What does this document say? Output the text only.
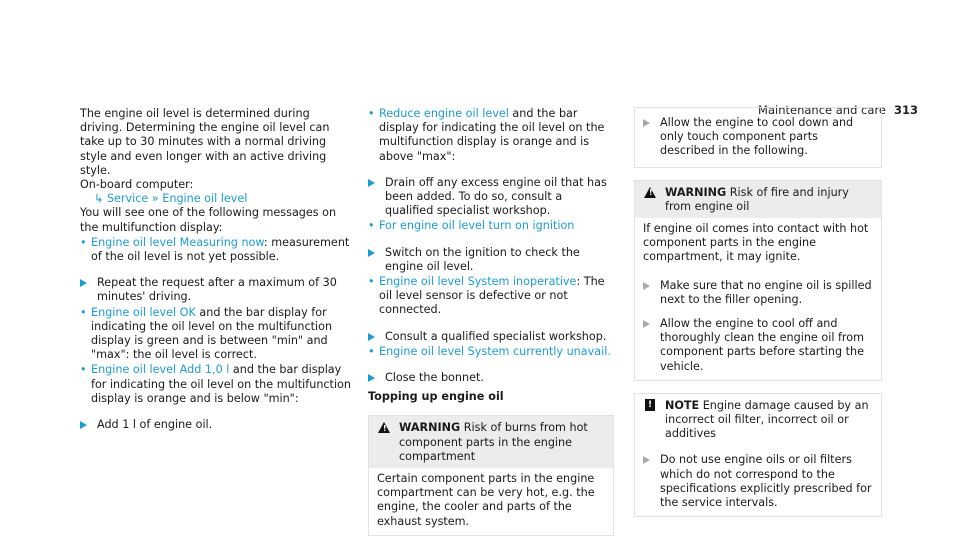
Maintenance and care 313

The engine oil level is determined during driving. Determining the engine oil level can take up to 30 minutes with a normal driving style and even longer with an active driving style.

On-board computer:

↳ Service » Engine oil level

You will see one of the following messages on the multifunction display:

• Engine oil level Measuring now: measurement of the oil level is not yet possible.
Repeat the request after a maximum of 30 minutes' driving.
• Engine oil level OK and the bar display for indicating the oil level on the multifunction display is green and is between "min" and "max": the oil level is correct.
• Engine oil level Add 1,0 l and the bar display for indicating the oil level on the multifunction display is orange and is below "min":
Add 1 l of engine oil.
• Reduce engine oil level and the bar display for indicating the oil level on the multifunction display is orange and is above "max":
Drain off any excess engine oil that has been added. To do so, consult a qualified specialist workshop.
• For engine oil level turn on ignition
Switch on the ignition to check the engine oil level.
• Engine oil level System inoperative: The oil level sensor is defective or not connected.
Consult a qualified specialist workshop.
• Engine oil level System currently unavail.
Close the bonnet.

Topping up engine oil

! WARNING Risk of burns from hot component parts in the engine compartment
Certain component parts in the engine compartment can be very hot, e.g. the engine, the cooler and parts of the exhaust system.
Allow the engine to cool down and only touch component parts described in the following.
! WARNING Risk of fire and injury from engine oil
If engine oil comes into contact with hot component parts in the engine compartment, it may ignite.
Make sure that no engine oil is spilled next to the filler opening.
Allow the engine to cool off and thoroughly clean the engine oil from component parts before starting the vehicle.
! NOTE Engine damage caused by an incorrect oil filter, incorrect oil or additives
Do not use engine oils or oil filters which do not correspond to the specifications explicitly prescribed for the service intervals.
